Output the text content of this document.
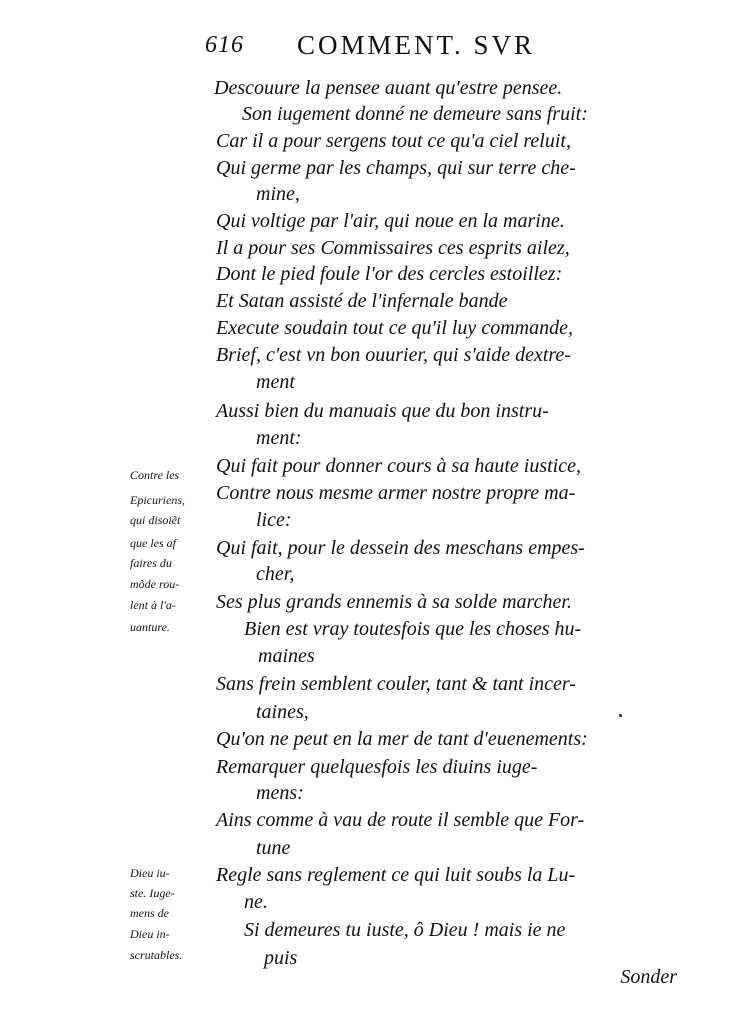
616 COMMENT. SVR
Descouure la pensee auant qu'estre pensee.
Son iugement donné ne demeure sans fruit:
Car il a pour sergens tout ce qu'a ciel reluit,
Qui germe par les champs, qui sur terre che-
mine,
Qui voltige par l'air, qui noue en la marine.
Il a pour ses Commissaires ces esprits ailez,
Dont le pied foule l'or des cercles estoillez:
Et Satan assisté de l'infernale bande
Execute soudain tout ce qu'il luy commande,
Brief, c'est vn bon ouurier, qui s'aide dextre-
ment
Aussi bien du manuais que du bon instru-
ment:
Qui fait pour donner cours à sa haute iustice,
Contre nous mesme armer nostre propre ma-
lice:
Qui fait, pour le dessein des meschans empes-
cher,
Ses plus grands ennemis à sa solde marcher.
Bien est vray toutesfois que les choses hu-
maines
Sans frein semblent couler, tant & tant incer-
taines,
Qu'on ne peut en la mer de tant d'euenements:
Remarquer quelquesfois les diuins iuge-
mens:
Ains comme à vau de route il semble que For-
tune
Regle sans reglement ce qui luit soubs la Lu-
ne.
Si demeures tu iuste, ô Dieu ! mais ie ne
puis
Contre les
Epicuriens,
qui disoiẽt
que les af
faires du
mõde rou-
lent à l'a-
uanture.
Dieu iu-
ste. Iuge-
mens de
Dieu in-
scrutables.
Sonder
